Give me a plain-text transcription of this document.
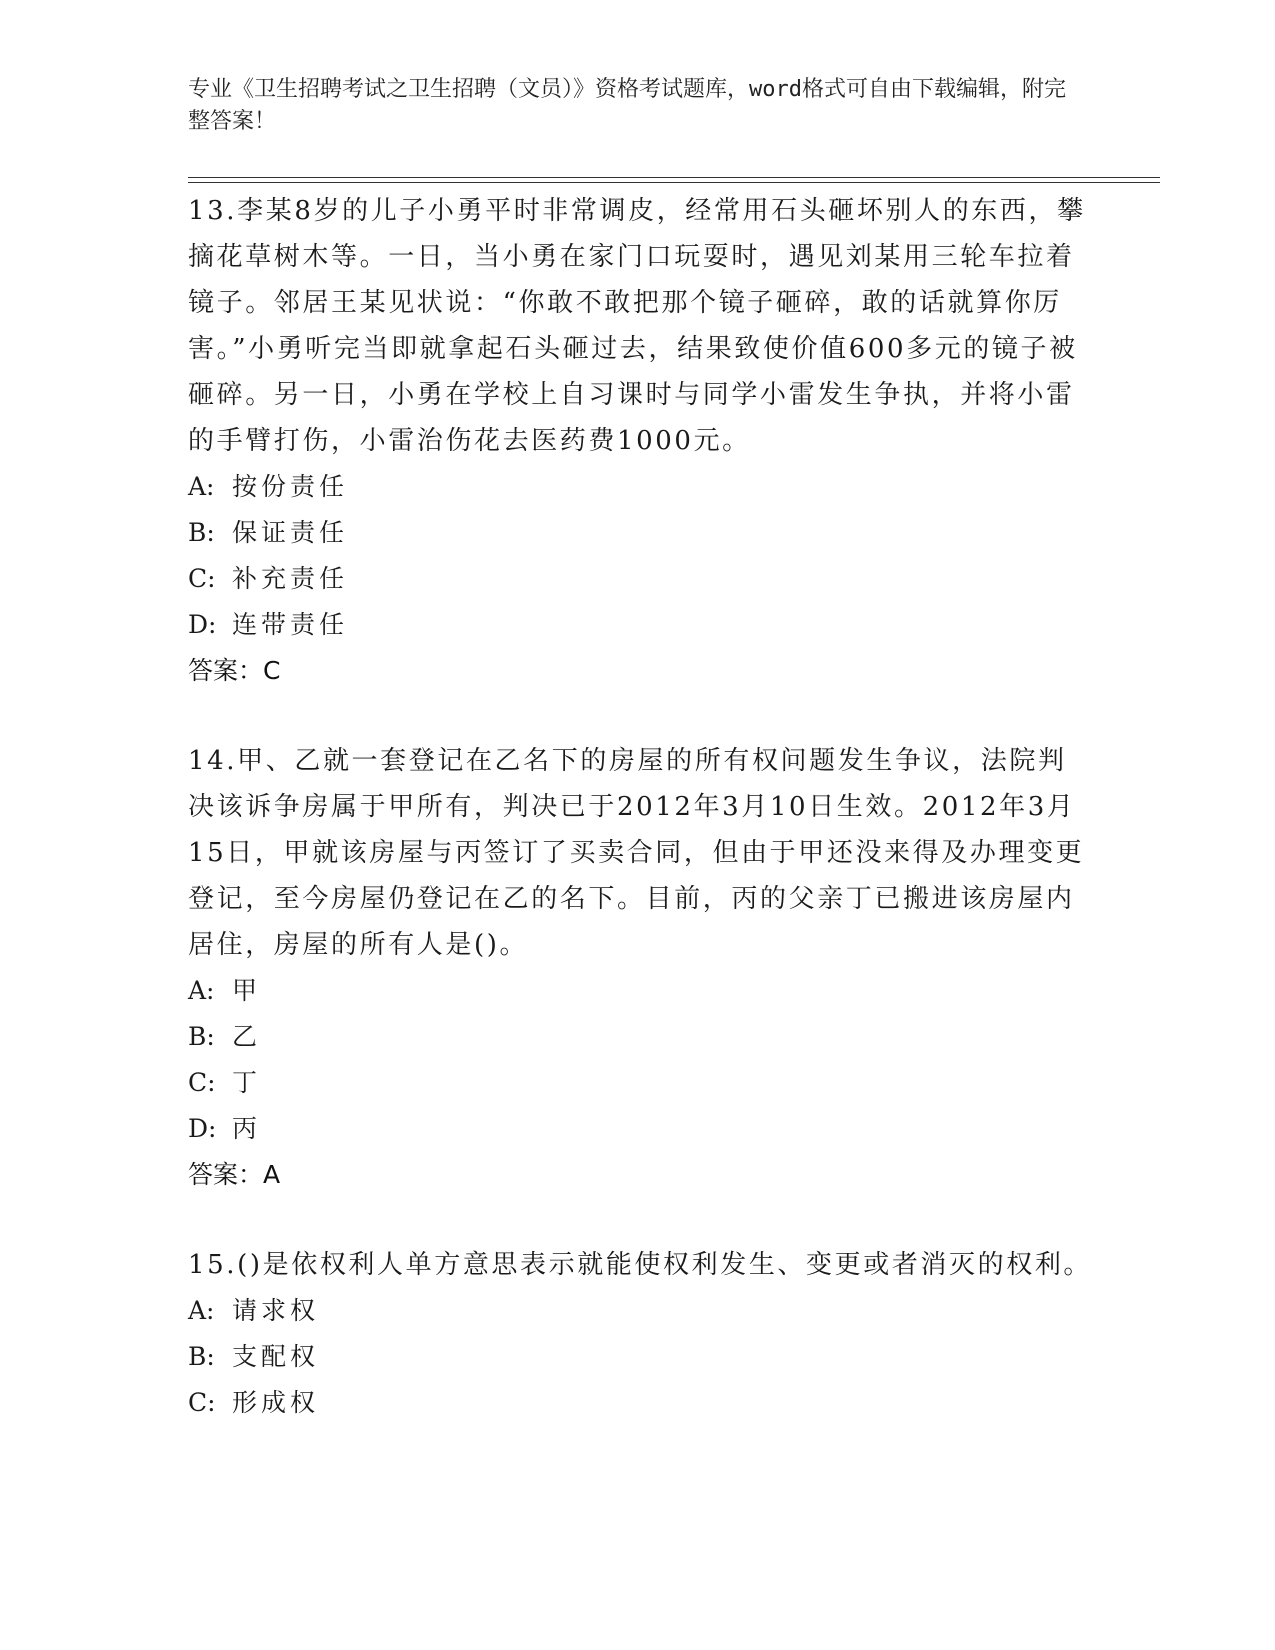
专业《卫生招聘考试之卫生招聘（文员）》资格考试题库，word格式可自由下载编辑，附完整答案！

13.李某8岁的儿子小勇平时非常调皮，经常用石头砸坏别人的东西，攀摘花草树木等。一日，当小勇在家门口玩耍时，遇见刘某用三轮车拉着镜子。邻居王某见状说：“你敢不敢把那个镜子砸碎，敢的话就算你厉害。”小勇听完当即就拿起石头砸过去，结果致使价值600多元的镜子被砸碎。另一日，小勇在学校上自习课时与同学小雷发生争执，并将小雷的手臂打伤，小雷治伤花去医药费1000元。

A: 按份责任

B: 保证责任

C: 补充责任

D: 连带责任

答案：C

14.甲、乙就一套登记在乙名下的房屋的所有权问题发生争议，法院判决该诉争房属于甲所有，判决已于2012年3月10日生效。2012年3月15日，甲就该房屋与丙签订了买卖合同，但由于甲还没来得及办理变更登记，至今房屋仍登记在乙的名下。目前，丙的父亲丁已搬进该房屋内居住，房屋的所有人是()。

A: 甲

B: 乙

C: 丁

D: 丙

答案：A

15.()是依权利人单方意思表示就能使权利发生、变更或者消灭的权利。

A: 请求权

B: 支配权

C: 形成权
